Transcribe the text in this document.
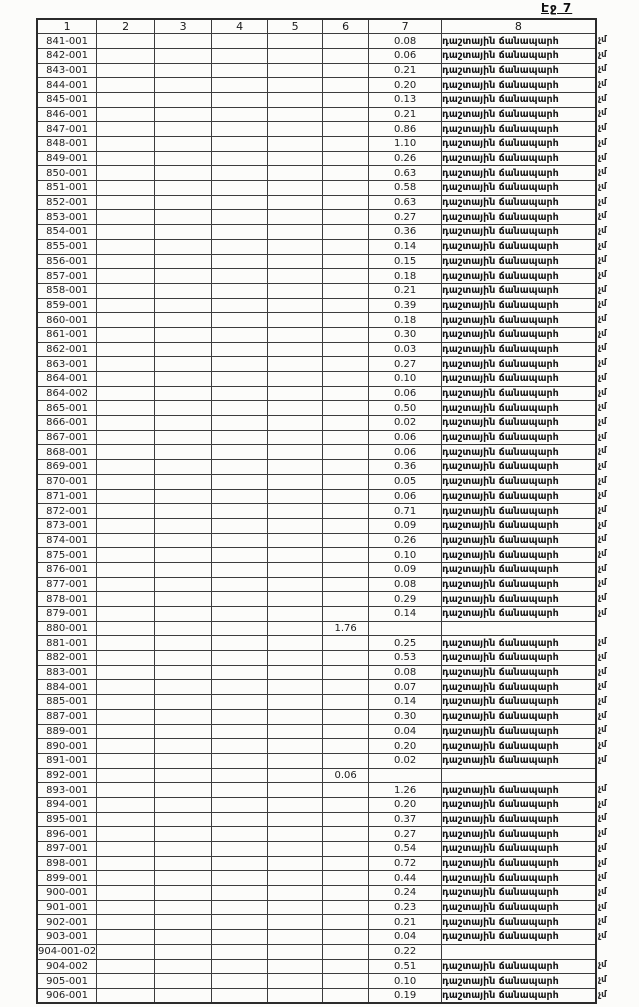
Էջ 7
1	2	3	4	5	6	7	8
841-001						0.08	դաշտային ճանապարհ
842-001						0.06	դաշտային ճանապարհ
843-001						0.21	դաշտային ճանապարհ
844-001						0.20	դաշտային ճանապարհ
845-001						0.13	դաշտային ճանապարհ
846-001						0.21	դաշտային ճանապարհ
847-001						0.86	դաշտային ճանապարհ
848-001						1.10	դաշտային ճանապարհ
849-001						0.26	դաշտային ճանապարհ
850-001						0.63	դաշտային ճանապարհ
851-001						0.58	դաշտային ճանապարհ
852-001						0.63	դաշտային ճանապարհ
853-001						0.27	դաշտային ճանապարհ
854-001						0.36	դաշտային ճանապարհ
855-001						0.14	դաշտային ճանապարհ
856-001						0.15	դաշտային ճանապարհ
857-001						0.18	դաշտային ճանապարհ
858-001						0.21	դաշտային ճանապարհ
859-001						0.39	դաշտային ճանապարհ
860-001						0.18	դաշտային ճանապարհ
861-001						0.30	դաշտային ճանապարհ
862-001						0.03	դաշտային ճանապարհ
863-001						0.27	դաշտային ճանապարհ
864-001						0.10	դաշտային ճանապարհ
864-002						0.06	դաշտային ճանապարհ
865-001						0.50	դաշտային ճանապարհ
866-001						0.02	դաշտային ճանապարհ
867-001						0.06	դաշտային ճանապարհ
868-001						0.06	դաշտային ճանապարհ
869-001						0.36	դաշտային ճանապարհ
870-001						0.05	դաշտային ճանապարհ
871-001						0.06	դաշտային ճանապարհ
872-001						0.71	դաշտային ճանապարհ
873-001						0.09	դաշտային ճանապարհ
874-001						0.26	դաշտային ճանապարհ
875-001						0.10	դաշտային ճանապարհ
876-001						0.09	դաշտային ճանապարհ
877-001						0.08	դաշտային ճանապարհ
878-001						0.29	դաշտային ճանապարհ
879-001						0.14	դաշտային ճանապարհ
880-001					1.76		
881-001						0.25	դաշտային ճանապարհ
882-001						0.53	դաշտային ճանապարհ
883-001						0.08	դաշտային ճանապարհ
884-001						0.07	դաշտային ճանապարհ
885-001						0.14	դաշտային ճանապարհ
887-001						0.30	դաշտային ճանապարհ
889-001						0.04	դաշտային ճանապարհ
890-001						0.20	դաշտային ճանապարհ
891-001						0.02	դաշտային ճանապարհ
892-001					0.06		
893-001						1.26	դաշտային ճանապարհ
894-001						0.20	դաշտային ճանապարհ
895-001						0.37	դաշտային ճանապարհ
896-001						0.27	դաշտային ճանապարհ
897-001						0.54	դաշտային ճանապարհ
898-001						0.72	դաշտային ճանապարհ
899-001						0.44	դաշտային ճանապարհ
900-001						0.24	դաշտային ճանապարհ
901-001						0.23	դաշտային ճանապարհ
902-001						0.21	դաշտային ճանապարհ
903-001						0.04	դաշտային ճանապարհ
904-001-02						0.22	
904-002						0.51	դաշտային ճանապարհ
905-001						0.10	դաշտային ճանապարհ
906-001						0.19	դաշտային ճանապարհ
չմ
չմ
չմ
չմ
չմ
չմ
չմ
չմ
չմ
չմ
չմ
չմ
չմ
չմ
չմ
չմ
չմ
չմ
չմ
չմ
չմ
չմ
չմ
չմ
չմ
չմ
չմ
չմ
չմ
չմ
չմ
չմ
չմ
չմ
չմ
չմ
չմ
չմ
չմ
չմ
չմ
չմ
չմ
չմ
չմ
չմ
չմ
չմ
չմ
չմ
չմ
չմ
չմ
չմ
չմ
չմ
չմ
չմ
չմ
չմ
չմ
չմ
չմ
